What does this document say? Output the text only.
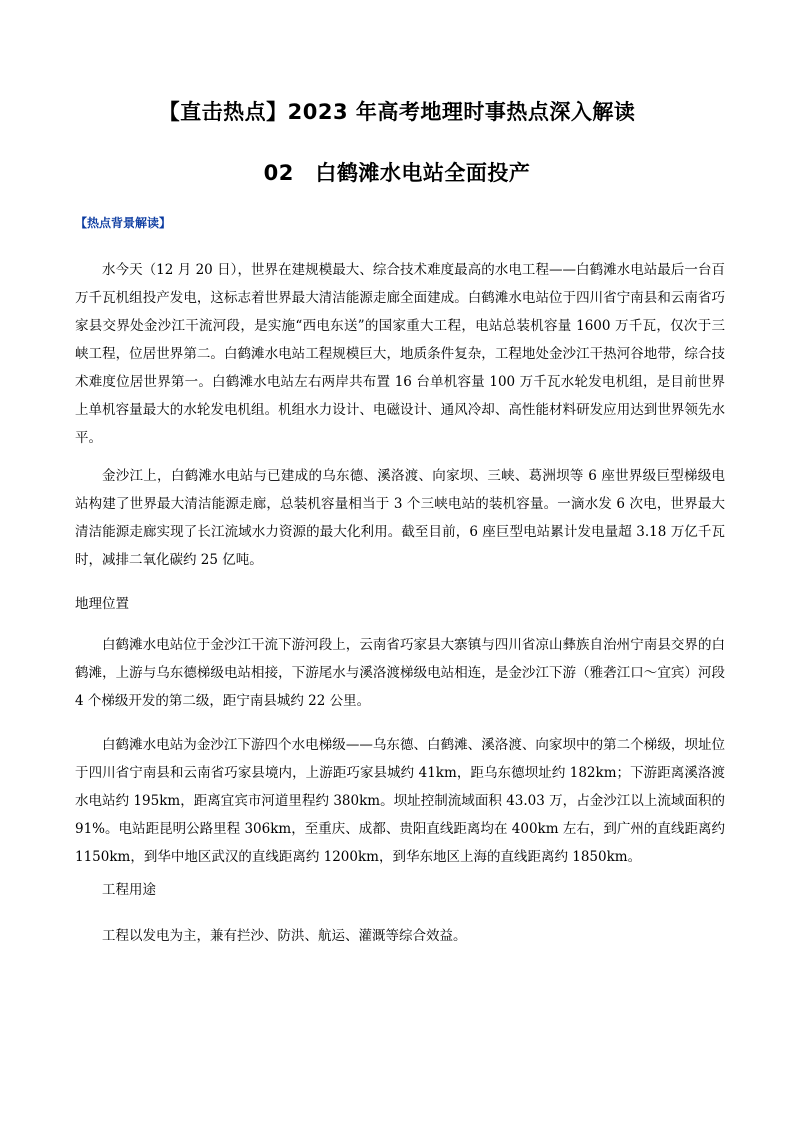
【直击热点】2023 年高考地理时事热点深入解读
02　白鹤滩水电站全面投产
【热点背景解读】

水今天（12 月 20 日），世界在建规模最大、综合技术难度最高的水电工程——白鹤滩水电站最后一台百万千瓦机组投产发电，这标志着世界最大清洁能源走廊全面建成。白鹤滩水电站位于四川省宁南县和云南省巧家县交界处金沙江干流河段，是实施“西电东送”的国家重大工程，电站总装机容量 1600 万千瓦，仅次于三峡工程，位居世界第二。白鹤滩水电站工程规模巨大，地质条件复杂，工程地处金沙江干热河谷地带，综合技术难度位居世界第一。白鹤滩水电站左右两岸共布置 16 台单机容量 100 万千瓦水轮发电机组，是目前世界上单机容量最大的水轮发电机组。机组水力设计、电磁设计、通风冷却、高性能材料研发应用达到世界领先水平。

金沙江上，白鹤滩水电站与已建成的乌东德、溪洛渡、向家坝、三峡、葛洲坝等 6 座世界级巨型梯级电站构建了世界最大清洁能源走廊，总装机容量相当于 3 个三峡电站的装机容量。一滴水发 6 次电，世界最大清洁能源走廊实现了长江流域水力资源的最大化利用。截至目前，6 座巨型电站累计发电量超 3.18 万亿千瓦时，减排二氧化碳约 25 亿吨。

地理位置

白鹤滩水电站位于金沙江干流下游河段上，云南省巧家县大寨镇与四川省凉山彝族自治州宁南县交界的白鹤滩，上游与乌东德梯级电站相接，下游尾水与溪洛渡梯级电站相连，是金沙江下游（雅砻江口～宜宾）河段 4 个梯级开发的第二级，距宁南县城约 22 公里。

白鹤滩水电站为金沙江下游四个水电梯级——乌东德、白鹤滩、溪洛渡、向家坝中的第二个梯级，坝址位于四川省宁南县和云南省巧家县境内，上游距巧家县城约 41km，距乌东德坝址约 182km；下游距离溪洛渡水电站约 195km，距离宜宾市河道里程约 380km。坝址控制流域面积 43.03 万，占金沙江以上流域面积的 91%。电站距昆明公路里程 306km，至重庆、成都、贵阳直线距离均在 400km 左右，到广州的直线距离约 1150km，到华中地区武汉的直线距离约 1200km，到华东地区上海的直线距离约 1850km。

工程用途

工程以发电为主，兼有拦沙、防洪、航运、灌溉等综合效益。
